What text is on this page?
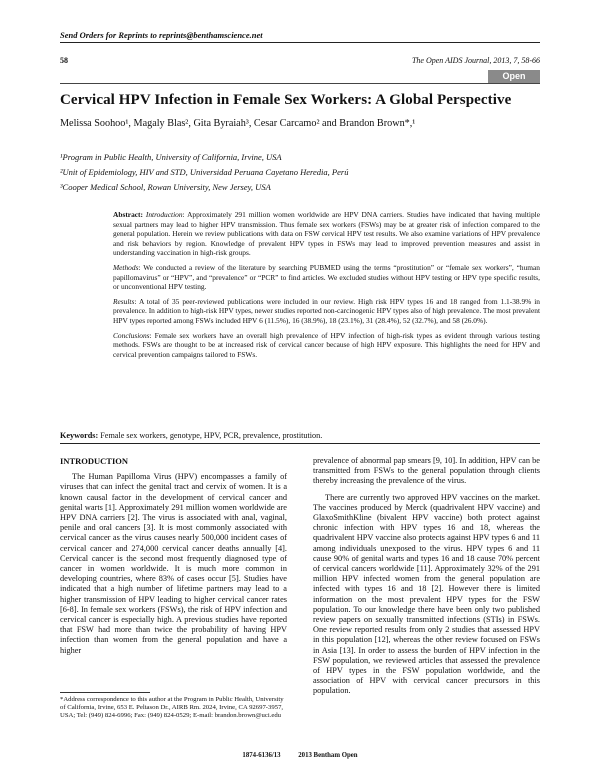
Send Orders for Reprints to reprints@benthamscience.net
58	The Open AIDS Journal, 2013, 7, 58-66
Open Access
Cervical HPV Infection in Female Sex Workers: A Global Perspective
Melissa Soohoo¹, Magaly Blas², Gita Byraiah³, Cesar Carcamo² and Brandon Brown*,¹
¹Program in Public Health, University of California, Irvine, USA
²Unit of Epidemiology, HIV and STD, Universidad Peruana Cayetano Heredia, Perú
³Cooper Medical School, Rowan University, New Jersey, USA

Abstract: Introduction: Approximately 291 million women worldwide are HPV DNA carriers. Studies have indicated that having multiple sexual partners may lead to higher HPV transmission. Thus female sex workers (FSWs) may be at greater risk of infection compared to the general population. Herein we review publications with data on FSW cervical HPV test results. We also examine variations of HPV prevalence and risk behaviors by region. Knowledge of prevalent HPV types in FSWs may lead to improved prevention measures and assist in understanding vaccination in high-risk groups.

Methods: We conducted a review of the literature by searching PUBMED using the terms “prostitution” or “female sex workers”, “human papillomavirus” or “HPV”, and “prevalence” or “PCR” to find articles. We excluded studies without HPV testing or HPV type specific results, or unconventional HPV testing.

Results: A total of 35 peer-reviewed publications were included in our review. High risk HPV types 16 and 18 ranged from 1.1-38.9% in prevalence. In addition to high-risk HPV types, newer studies reported non-carcinogenic HPV types also of high prevalence. The most prevalent HPV types reported among FSWs included HPV 6 (11.5%), 16 (38.9%), 18 (23.1%), 31 (28.4%), 52 (32.7%), and 58 (26.0%).

Conclusions: Female sex workers have an overall high prevalence of HPV infection of high-risk types as evident through various testing methods. FSWs are thought to be at increased risk of cervical cancer because of high HPV exposure. This highlights the need for HPV and cervical prevention campaigns tailored to FSWs.

Keywords: Female sex workers, genotype, HPV, PCR, prevalence, prostitution.
INTRODUCTION

The Human Papilloma Virus (HPV) encompasses a family of viruses that can infect the genital tract and cervix of women. It is a known causal factor in the development of cervical cancer and genital warts [1]. Approximately 291 million women worldwide are HPV DNA carriers [2]. The virus is associated with anal, vaginal, penile and oral cancers [3]. It is most commonly associated with cervical cancer as the virus causes nearly 500,000 incident cases of cervical cancer and 274,000 cervical cancer deaths annually [4]. Cervical cancer is the second most frequently diagnosed type of cancer in women worldwide. It is much more common in developing countries, where 83% of cases occur [5]. Studies have indicated that a high number of lifetime partners may lead to a higher transmission of HPV leading to higher cervical cancer rates [6-8]. In female sex workers (FSWs), the risk of HPV infection and cervical cancer is especially high. A previous studies have reported that FSW had more than twice the probability of having HPV infection than women from the general population and have a higher

prevalence of abnormal pap smears [9, 10]. In addition, HPV can be transmitted from FSWs to the general population through clients thereby increasing the prevalence of the virus.

There are currently two approved HPV vaccines on the market. The vaccines produced by Merck (quadrivalent HPV vaccine) and GlaxoSmithKline (bivalent HPV vaccine) both protect against chronic infection with HPV types 16 and 18, whereas the quadrivalent HPV vaccine also protects against HPV types 6 and 11 among individuals unexposed to the virus. HPV types 6 and 11 cause 90% of genital warts and types 16 and 18 cause 70% percent of cervical cancers worldwide [11]. Approximately 32% of the 291 million HPV infected women from the general population are infected with types 16 and 18 [2]. However there is limited information on the most prevalent HPV types for the FSW population. To our knowledge there have been only two published review papers on sexually transmitted infections (STIs) in FSWs. One review reported results from only 2 studies that assessed HPV in this population [12], whereas the other review focused on FSWs in Asia [13]. In order to assess the burden of HPV infection in the FSW population, we reviewed articles that assessed the prevalence of HPV types in the FSW population worldwide, and the association of HPV with cervical cancer precursors in this population.

*Address correspondence to this author at the Program in Public Health, University of California, Irvine, 653 E. Peltason Dr., AIRB Rm. 2024, Irvine, CA 92697-3957, USA; Tel: (949) 824-6996; Fax: (949) 824-0529; E-mail: brandon.brown@uci.edu
1874-6136/13	2013 Bentham Open
